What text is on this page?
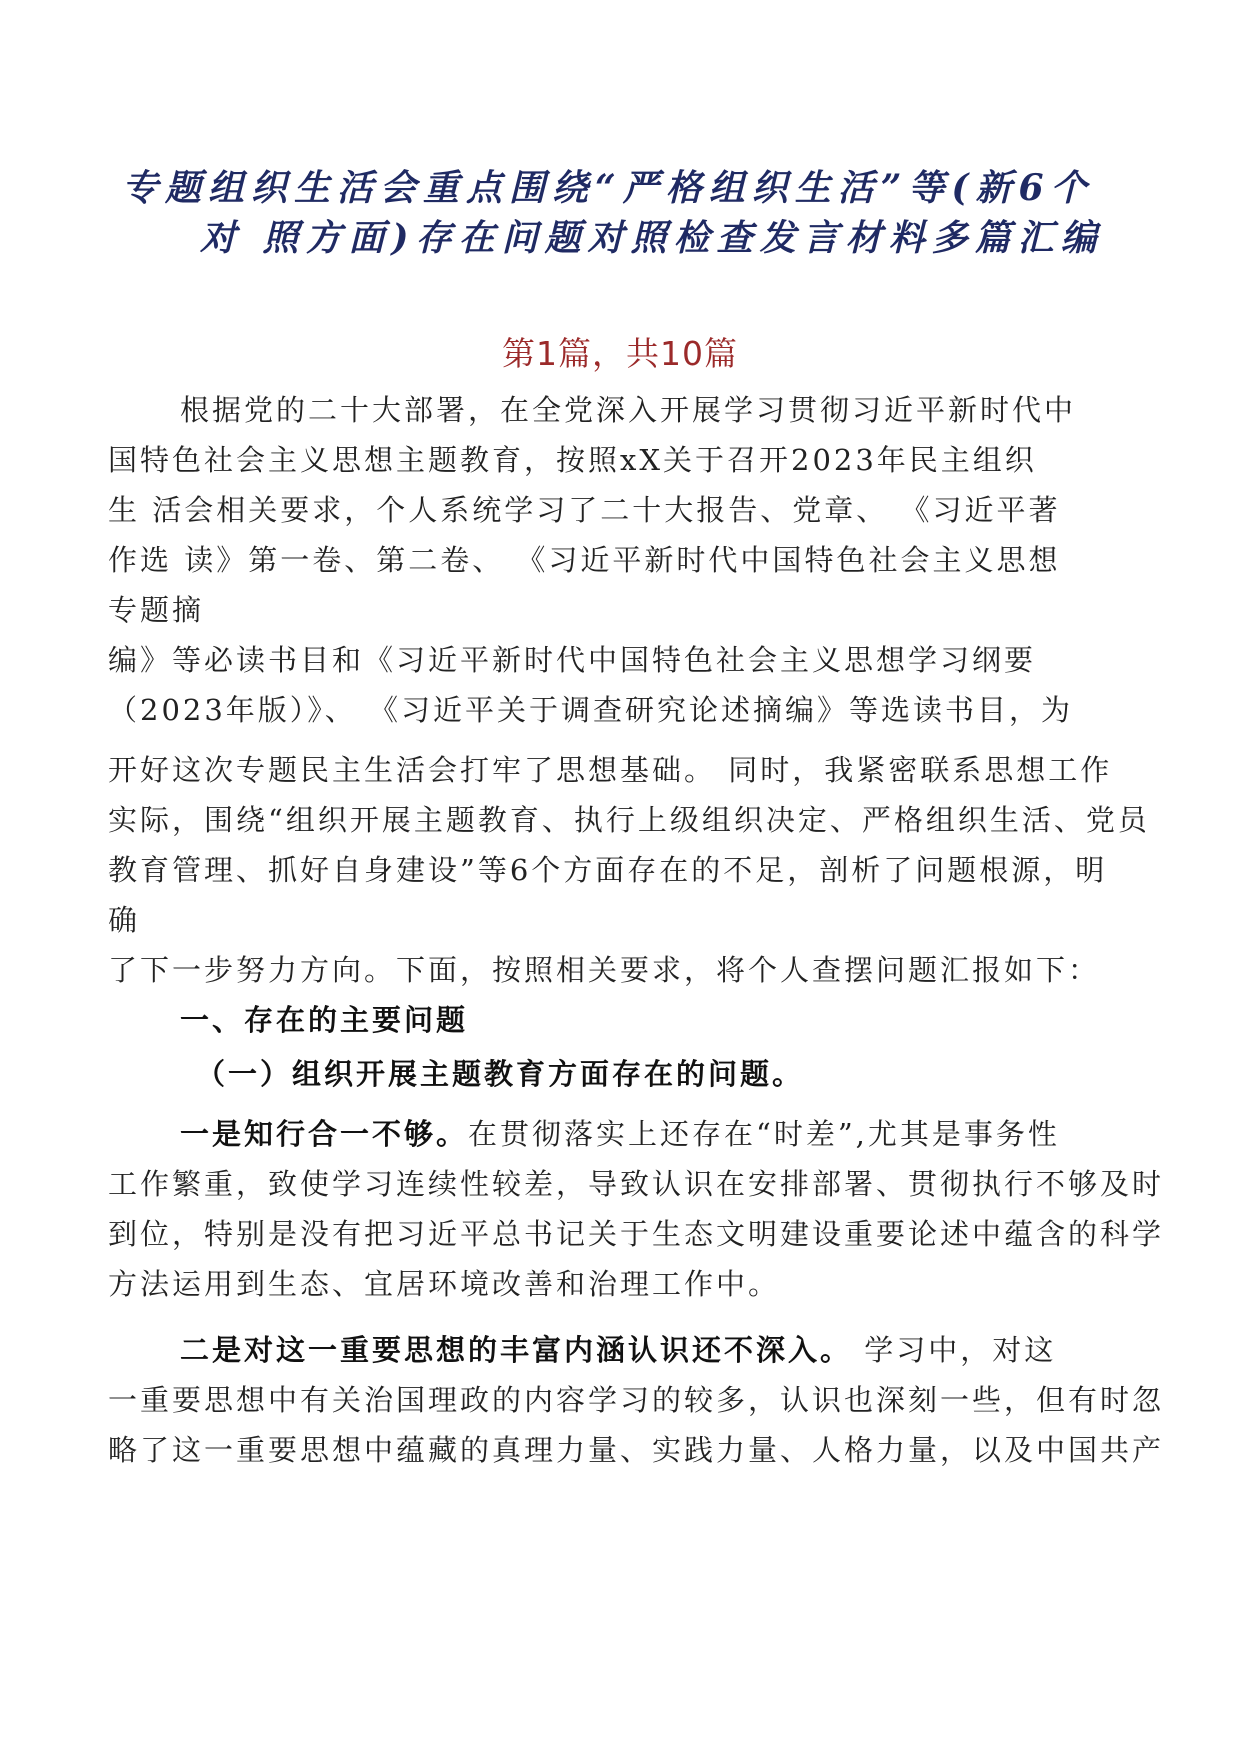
专题组织生活会重点围绕“严格组织生活”等(新6个
对 照方面)存在问题对照检查发言材料多篇汇编
第1篇，共10篇
根据党的二十大部署，在全党深入开展学习贯彻习近平新时代中
国特色社会主义思想主题教育，按照xX关于召开2023年民主组织
生 活会相关要求，个人系统学习了二十大报告、党章、 《习近平著
作选 读》第一卷、第二卷、 《习近平新时代中国特色社会主义思想
专题摘
编》等必读书目和《习近平新时代中国特色社会主义思想学习纲要
（2023年版）》、 《习近平关于调查研究论述摘编》等选读书目，为
开好这次专题民主生活会打牢了思想基础。 同时，我紧密联系思想工作
实际，围绕“组织开展主题教育、执行上级组织决定、严格组织生活、党员
教育管理、抓好自身建设”等6个方面存在的不足，剖析了问题根源，明
确
了下一步努力方向。下面，按照相关要求，将个人查摆问题汇报如下：
一、存在的主要问题
（一）组织开展主题教育方面存在的问题。
一是知行合一不够。在贯彻落实上还存在“时差”,尤其是事务性
工作繁重，致使学习连续性较差，导致认识在安排部署、贯彻执行不够及时
到位，特别是没有把习近平总书记关于生态文明建设重要论述中蕴含的科学
方法运用到生态、宜居环境改善和治理工作中。
二是对这一重要思想的丰富内涵认识还不深入。 学习中，对这
一重要思想中有关治国理政的内容学习的较多，认识也深刻一些，但有时忽
略了这一重要思想中蕴藏的真理力量、实践力量、人格力量，以及中国共产
